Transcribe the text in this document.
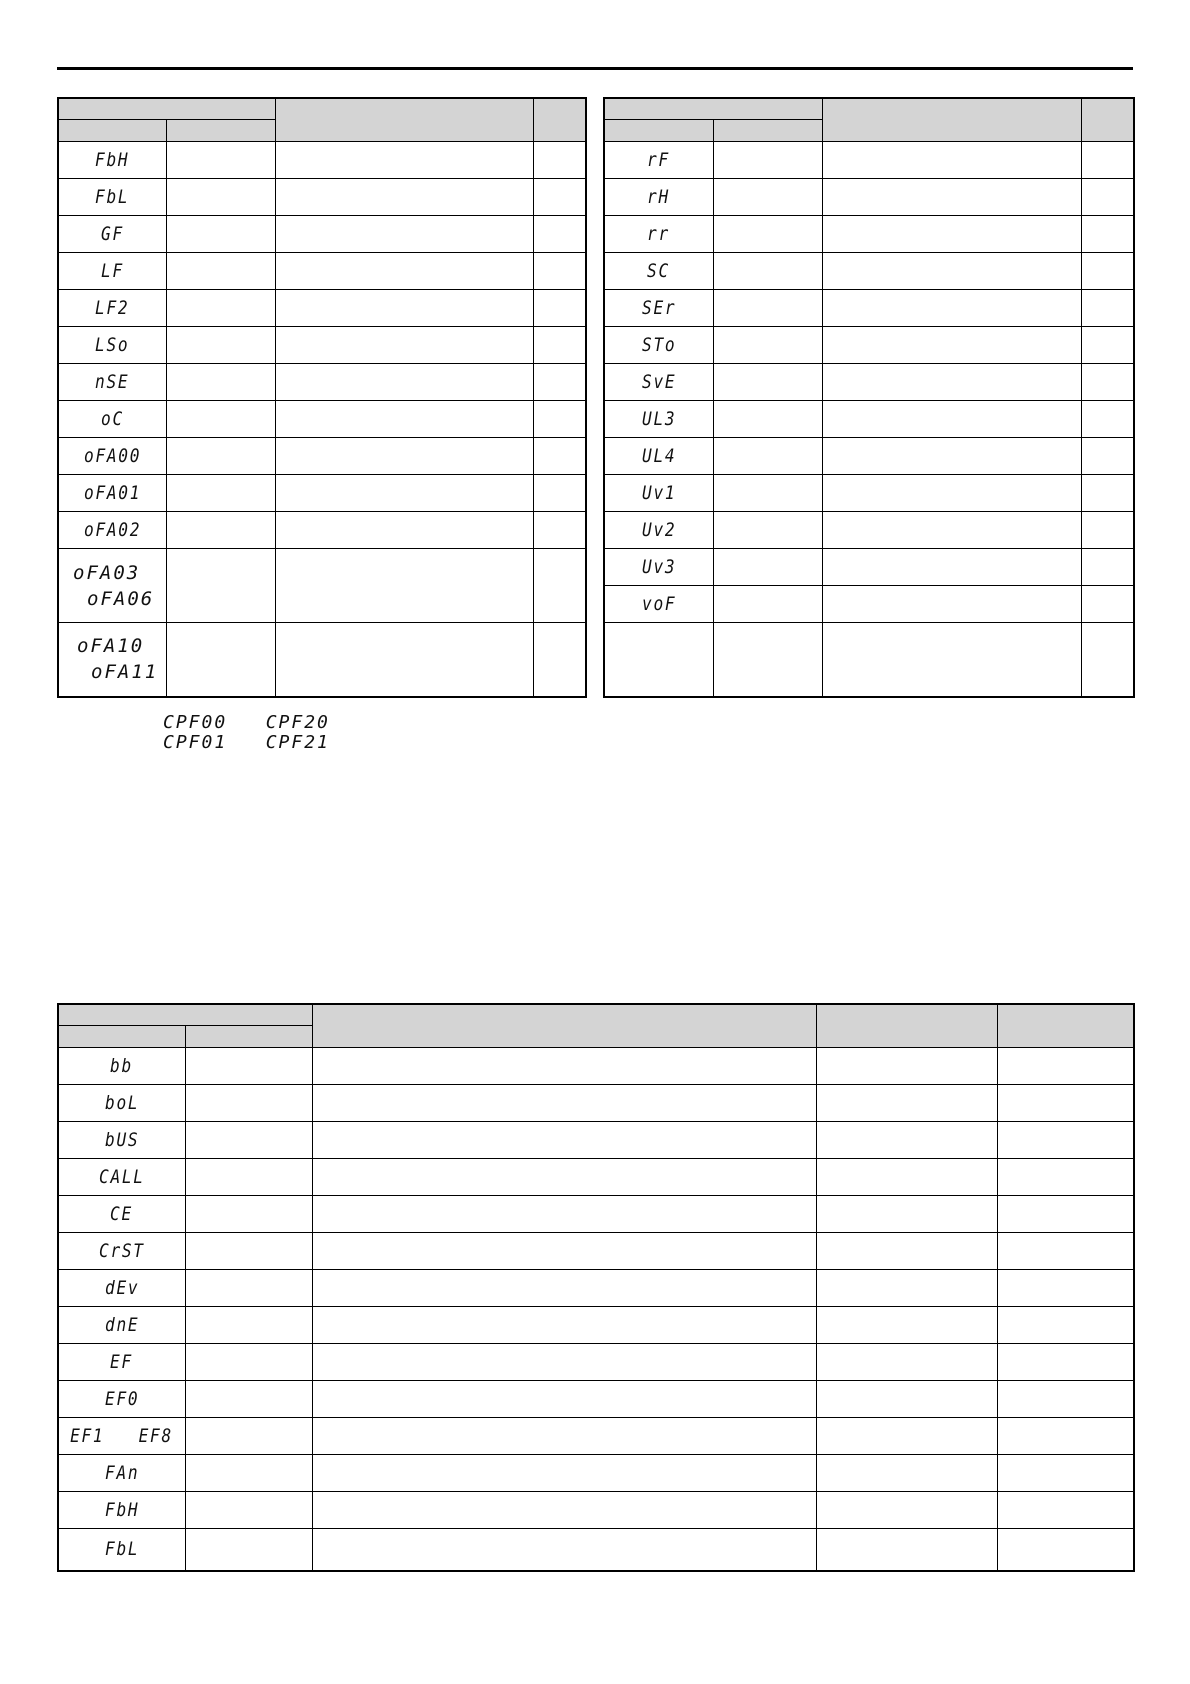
FbH			
FbL			
GF			
LF			
LF2			
LSo			
nSE			
oC			
oFA00			
oFA01			
oFA02			

oFA03
oFA06			

oFA10
oFA11			

rF			
rH			
rr			
SC			
SEr			
STo			
SvE			
UL3			
UL4			
Uv1			
Uv2			
Uv3			
voF			

CPF00 CPF20
CPF01 CPF21

bb				
boL				
bUS				
CALL				
CE				
CrST				
dEv				
dnE				
EF				
EF0				
EF1   EF8				
FAn				
FbH				
FbL				
